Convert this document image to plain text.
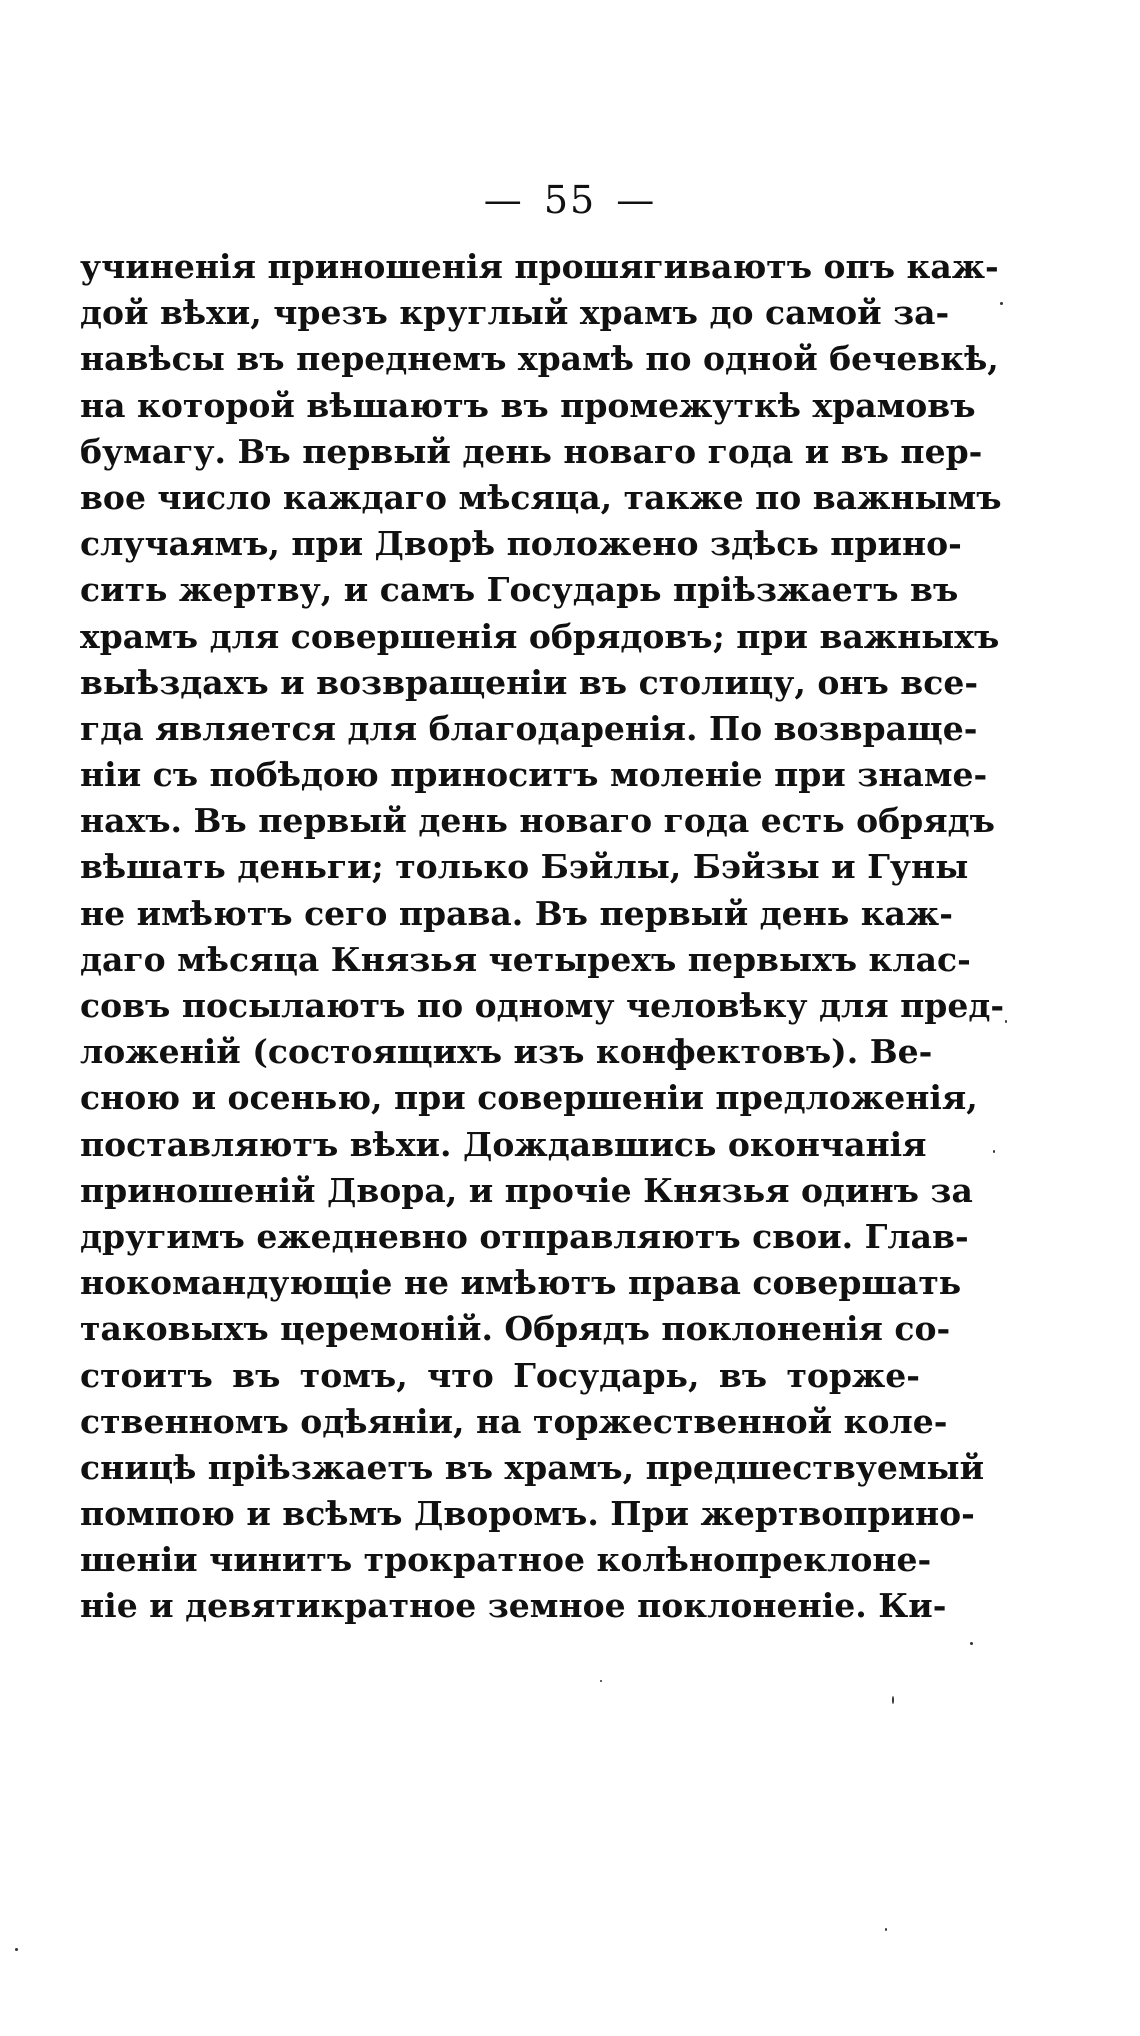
— 55 —
учиненія приношенія прошягиваютъ опъ каж-
дой вѣхи, чрезъ круглый храмъ до самой за-
навѣсы въ переднемъ храмѣ по одной бечевкѣ,
на которой вѣшаютъ въ промежуткѣ храмовъ
бумагу. Въ первый день новаго года и въ пер-
вое число каждаго мѣсяца, также по важнымъ
случаямъ, при Дворѣ положено здѣсь прино-
сить жертву, и самъ Государь пріѣзжаетъ въ
храмъ для совершенія обрядовъ; при важныхъ
выѣздахъ и возвращеніи въ столицу, онъ все-
гда является для благодаренія. По возвраще-
ніи съ побѣдою приноситъ моленіе при знаме-
нахъ. Въ первый день новаго года есть обрядъ
вѣшать деньги; только Бэйлы, Бэйзы и Гуны
не имѣютъ сего права. Въ первый день каж-
даго мѣсяца Князья четырехъ первыхъ клас-
совъ посылаютъ по одному человѣку для пред-
ложеній (состоящихъ изъ конфектовъ). Ве-
сною и осенью, при совершеніи предложенія,
поставляютъ вѣхи. Дождавшись окончанія
приношеній Двора, и прочіе Князья одинъ за
другимъ ежедневно отправляютъ свои. Глав-
нокомандующіе не имѣютъ права совершать
таковыхъ церемоній. Обрядъ поклоненія со-
стоитъ въ томъ, что Государь, въ торже-
ственномъ одѣяніи, на торжественной коле-
сницѣ пріѣзжаетъ въ храмъ, предшествуемый
помпою и всѣмъ Дворомъ. При жертвоприно-
шеніи чинитъ трократное колѣнопреклоне-
ніе и девятикратное земное поклоненіе. Ки-
